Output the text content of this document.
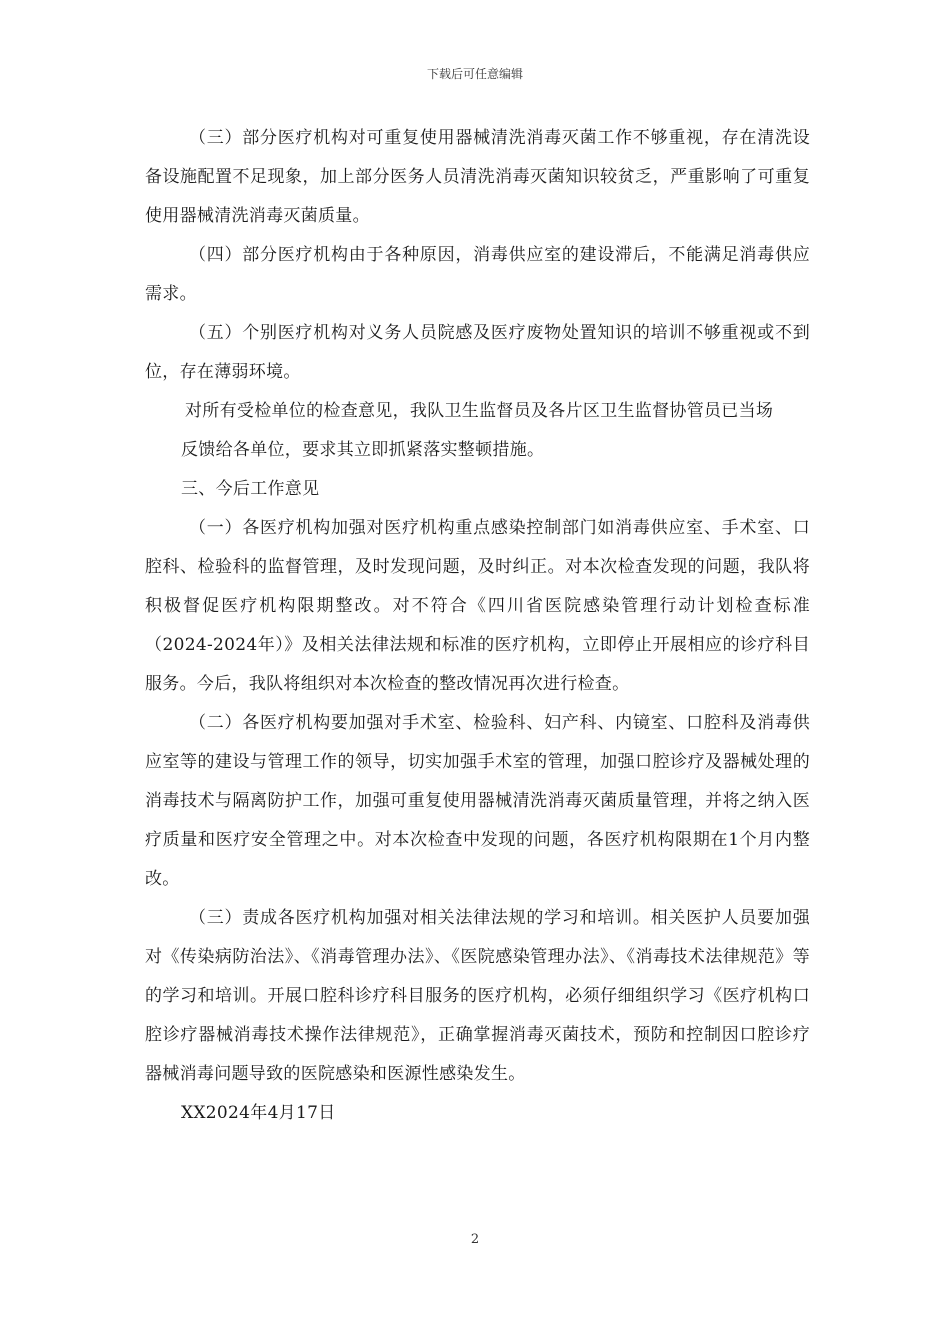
下载后可任意编辑

（三）部分医疗机构对可重复使用器械清洗消毒灭菌工作不够重视，存在清洗设备设施配置不足现象，加上部分医务人员清洗消毒灭菌知识较贫乏，严重影响了可重复使用器械清洗消毒灭菌质量。

（四）部分医疗机构由于各种原因，消毒供应室的建设滞后，不能满足消毒供应需求。

（五）个别医疗机构对义务人员院感及医疗废物处置知识的培训不够重视或不到位，存在薄弱环境。

对所有受检单位的检查意见，我队卫生监督员及各片区卫生监督协管员已当场

反馈给各单位，要求其立即抓紧落实整顿措施。

三、今后工作意见

（一）各医疗机构加强对医疗机构重点感染控制部门如消毒供应室、手术室、口腔科、检验科的监督管理，及时发现问题，及时纠正。对本次检查发现的问题，我队将积极督促医疗机构限期整改。对不符合《四川省医院感染管理行动计划检查标准（2024-2024年）》及相关法律法规和标准的医疗机构，立即停止开展相应的诊疗科目服务。今后，我队将组织对本次检查的整改情况再次进行检查。

（二）各医疗机构要加强对手术室、检验科、妇产科、内镜室、口腔科及消毒供应室等的建设与管理工作的领导，切实加强手术室的管理，加强口腔诊疗及器械处理的消毒技术与隔离防护工作，加强可重复使用器械清洗消毒灭菌质量管理，并将之纳入医疗质量和医疗安全管理之中。对本次检查中发现的问题，各医疗机构限期在1个月内整改。

（三）责成各医疗机构加强对相关法律法规的学习和培训。相关医护人员要加强对《传染病防治法》、《消毒管理办法》、《医院感染管理办法》、《消毒技术法律规范》等的学习和培训。开展口腔科诊疗科目服务的医疗机构，必须仔细组织学习《医疗机构口腔诊疗器械消毒技术操作法律规范》，正确掌握消毒灭菌技术，预防和控制因口腔诊疗器械消毒问题导致的医院感染和医源性感染发生。

XX2024年4月17日

2
